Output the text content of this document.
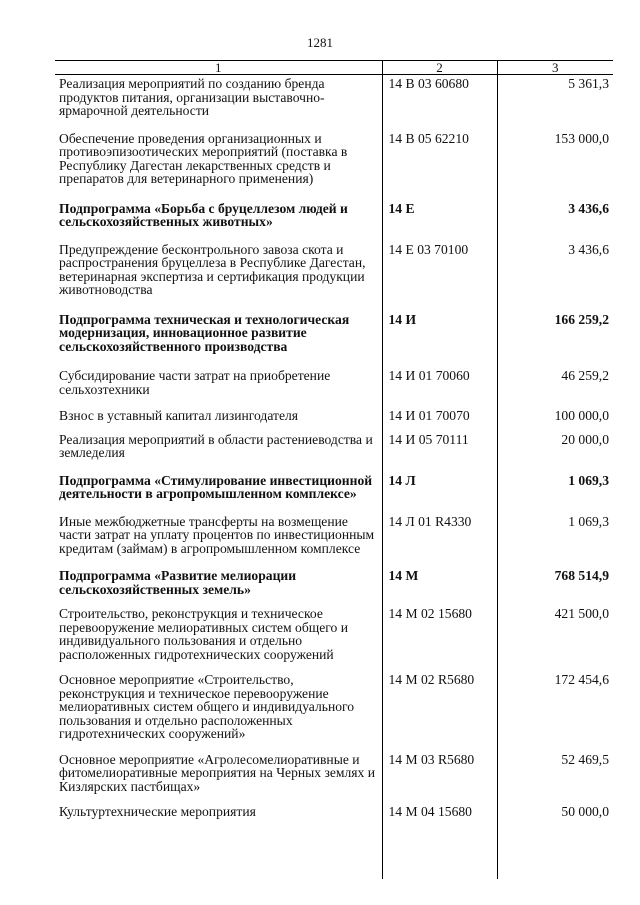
1281
1	2	3
Реализация мероприятий по созданию бренда продуктов питания, организации выставочно-ярмарочной деятельности	14 В 03 60680	5 361,3
Обеспечение проведения организационных и противоэпизоотических мероприятий (поставка в Республику Дагестан лекарственных средств и препаратов для ветеринарного применения)	14 В 05 62210	153 000,0
Подпрограмма «Борьба с бруцеллезом людей и сельскохозяйственных животных»	14 Е	3 436,6
Предупреждение бесконтрольного завоза скота и распространения бруцеллеза в Республике Дагестан, ветеринарная экспертиза и сертификация продукции животноводства	14 Е 03 70100	3 436,6
Подпрограмма техническая и технологическая модернизация, инновационное развитие сельскохозяйственного производства	14 И	166 259,2
Субсидирование части затрат на приобретение сельхозтехники	14 И 01 70060	46 259,2
Взнос в уставный капитал лизингодателя	14 И 01 70070	100 000,0
Реализация мероприятий в области растениеводства и земледелия	14 И 05 70111	20 000,0
Подпрограмма «Стимулирование инвестиционной деятельности в агропромышленном комплексе»	14 Л	1 069,3
Иные межбюджетные трансферты на возмещение части затрат на уплату процентов по инвестиционным кредитам (займам) в агропромышленном комплексе	14 Л 01 R4330	1 069,3
Подпрограмма «Развитие мелиорации сельскохозяйственных земель»	14 М	768 514,9
Строительство, реконструкция и техническое перевооружение мелиоративных систем общего и индивидуального пользования и отдельно расположенных гидротехнических сооружений	14 М 02 15680	421 500,0
Основное мероприятие «Строительство, реконструкция и техническое перевооружение мелиоративных систем общего и индивидуального пользования и отдельно расположенных гидротехнических сооружений»	14 М 02 R5680	172 454,6
Основное мероприятие «Агролесомелиоративные и фитомелиоративные мероприятия на Черных землях и Кизлярских пастбищах»	14 М 03 R5680	52 469,5
Культуртехнические мероприятия	14 М 04 15680	50 000,0
